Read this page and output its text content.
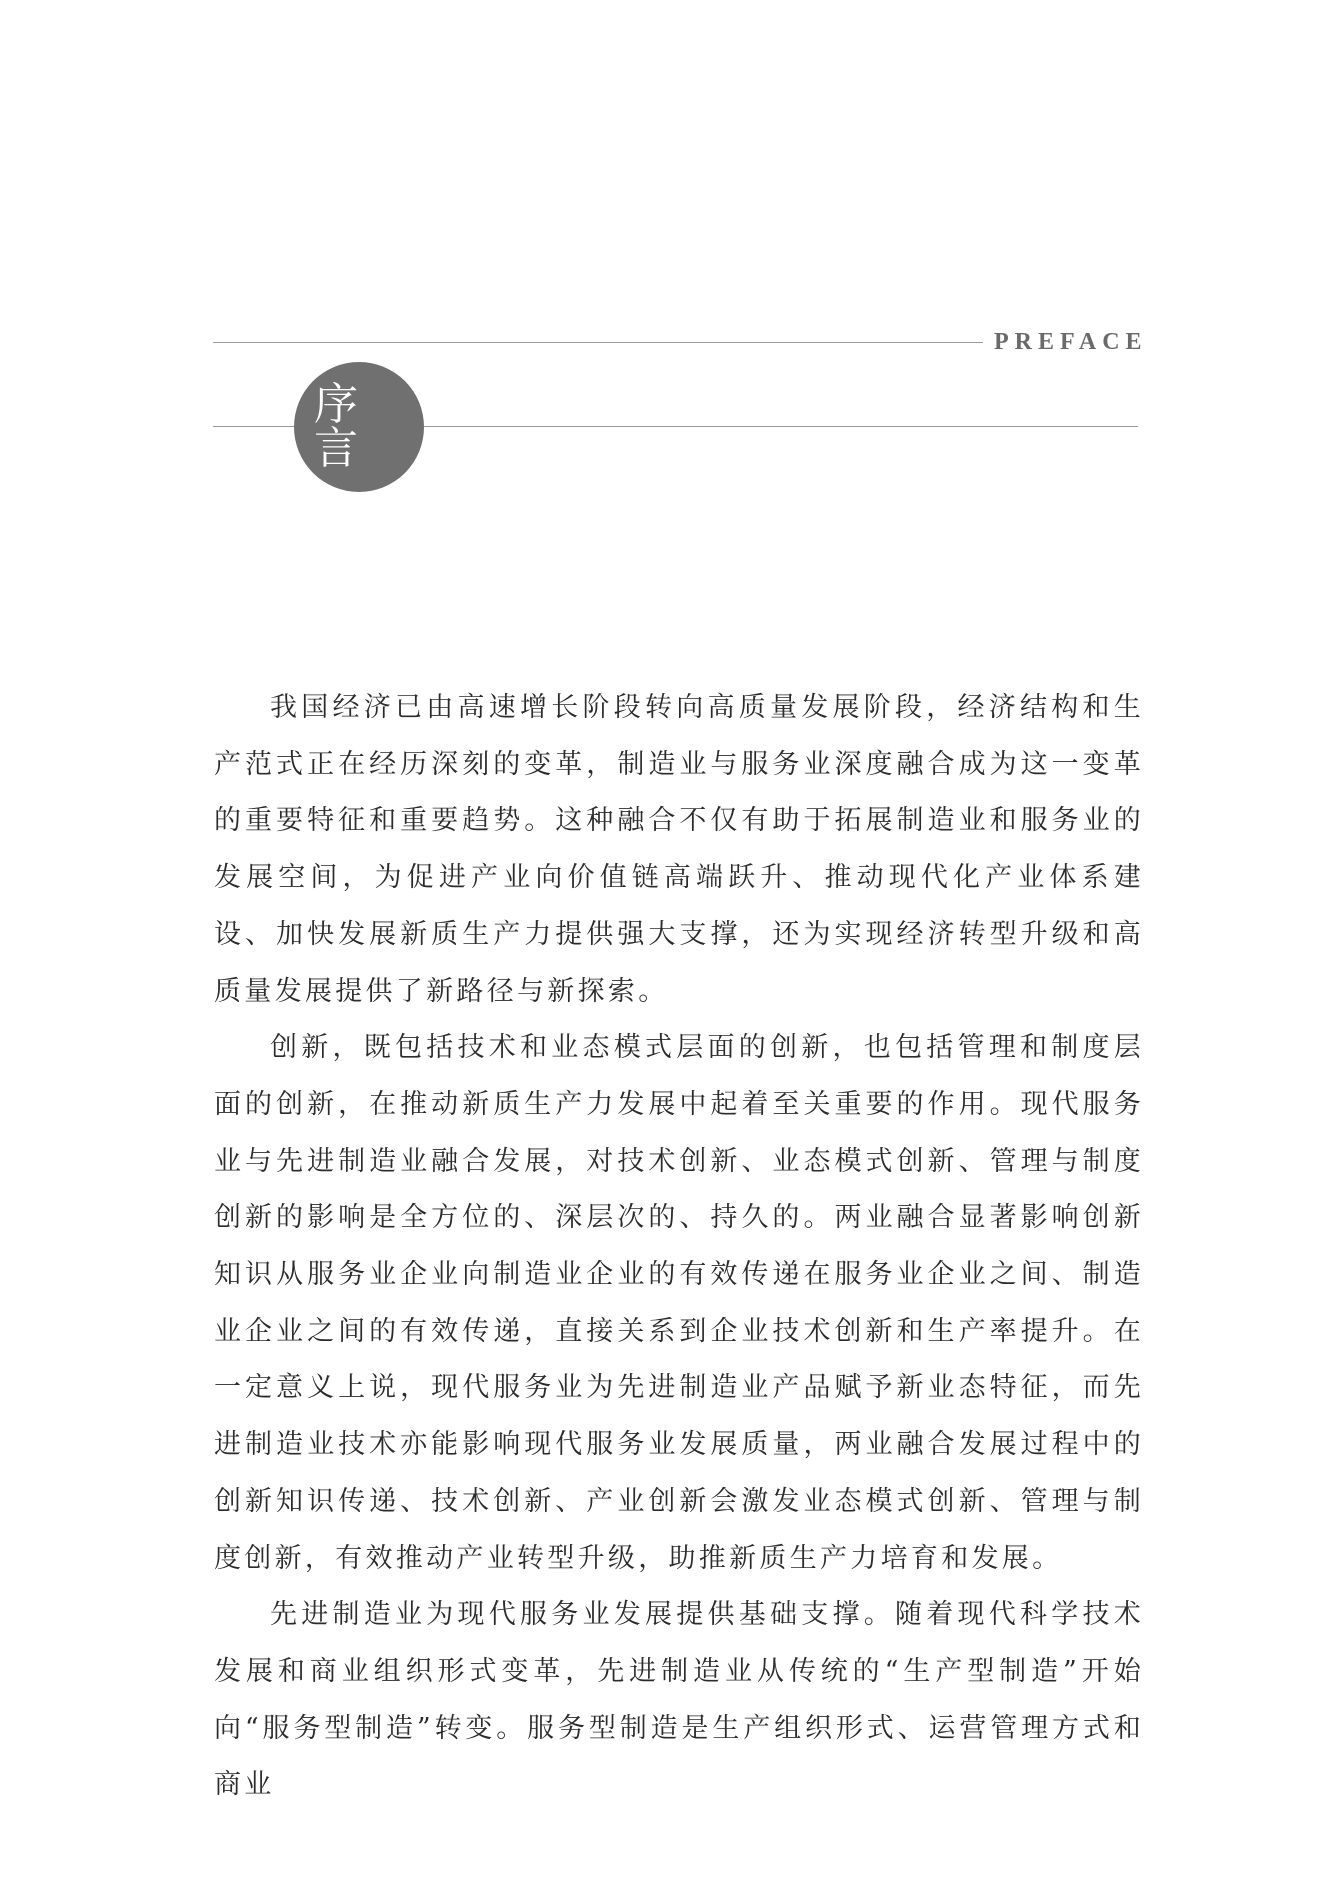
PREFACE
序 言

我国经济已由高速增长阶段转向高质量发展阶段，经济结构和生产范式正在经历深刻的变革，制造业与服务业深度融合成为这一变革的重要特征和重要趋势。这种融合不仅有助于拓展制造业和服务业的发展空间，为促进产业向价值链高端跃升、推动现代化产业体系建设、加快发展新质生产力提供强大支撑，还为实现经济转型升级和高质量发展提供了新路径与新探索。

创新，既包括技术和业态模式层面的创新，也包括管理和制度层面的创新，在推动新质生产力发展中起着至关重要的作用。现代服务业与先进制造业融合发展，对技术创新、业态模式创新、管理与制度创新的影响是全方位的、深层次的、持久的。两业融合显著影响创新知识从服务业企业向制造业企业的有效传递在服务业企业之间、制造业企业之间的有效传递，直接关系到企业技术创新和生产率提升。在一定意义上说，现代服务业为先进制造业产品赋予新业态特征，而先进制造业技术亦能影响现代服务业发展质量，两业融合发展过程中的创新知识传递、技术创新、产业创新会激发业态模式创新、管理与制度创新，有效推动产业转型升级，助推新质生产力培育和发展。

先进制造业为现代服务业发展提供基础支撑。随着现代科学技术发展和商业组织形式变革，先进制造业从传统的“生产型制造”开始向“服务型制造”转变。服务型制造是生产组织形式、运营管理方式和商业
